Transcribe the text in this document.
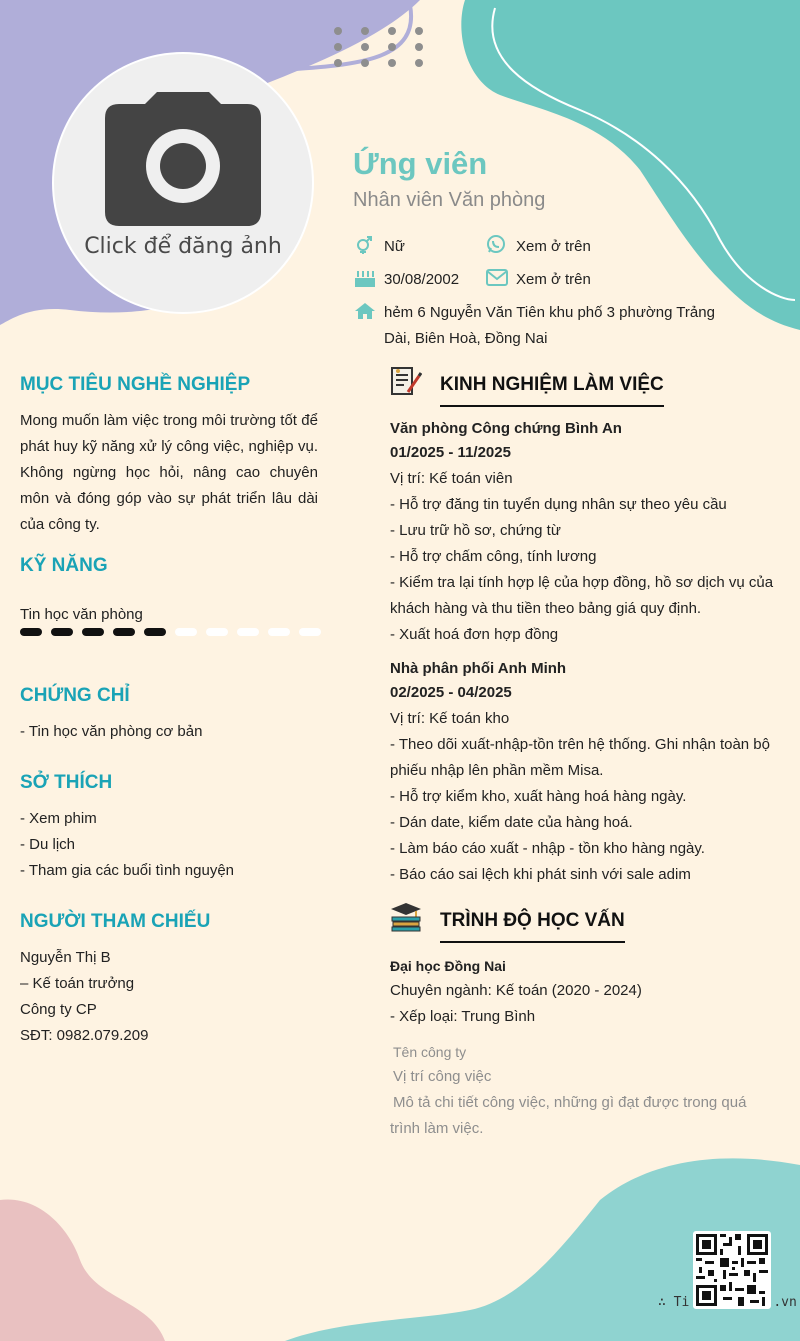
Click để đăng ảnh
Ứng viên
Nhân viên Văn phòng
Nữ	Xem ở trên
30/08/2002	Xem ở trên
hẻm 6 Nguyễn Văn Tiên khu phố 3 phường Trảng
Dài, Biên Hoà, Đồng Nai
MỤC TIÊU NGHỀ NGHIỆP
Mong muốn làm việc trong môi trường tốt để phát huy kỹ năng xử lý công việc, nghiệp vụ. Không ngừng học hỏi, nâng cao chuyên môn và đóng góp vào sự phát triển lâu dài của công ty.
KỸ NĂNG
Tin học văn phòng
CHỨNG CHỈ
- Tin học văn phòng cơ bản
SỞ THÍCH
- Xem phim
- Du lịch
- Tham gia các buổi tình nguyện
NGƯỜI THAM CHIẾU
Nguyễn Thị B
– Kế toán trưởng
Công ty CP
SĐT: 0982.079.209
KINH NGHIỆM LÀM VIỆC
Văn phòng Công chứng Bình An
01/2025 - 11/2025
Vị trí: Kế toán viên
- Hỗ trợ đăng tin tuyển dụng nhân sự theo yêu cầu
- Lưu trữ hồ sơ, chứng từ
- Hỗ trợ chấm công, tính lương
- Kiểm tra lại tính hợp lệ của hợp đồng, hồ sơ dịch vụ của
khách hàng và thu tiền theo bảng giá quy định.
- Xuất hoá đơn hợp đồng
Nhà phân phối Anh Minh
02/2025 - 04/2025
Vị trí: Kế toán kho
- Theo dõi xuất-nhập-tồn trên hệ thống. Ghi nhận toàn bộ
phiếu nhập lên phần mềm Misa.
- Hỗ trợ kiểm kho, xuất hàng hoá hàng ngày.
- Dán date, kiểm date của hàng hoá.
- Làm báo cáo xuất - nhập - tồn kho hàng ngày.
- Báo cáo sai lệch khi phát sinh với sale adim
TRÌNH ĐỘ HỌC VẤN
Đại học Đồng Nai
Chuyên ngành: Kế toán (2020 - 2024)
- Xếp loại: Trung Bình
Tên công ty
Vị trí công việc
Mô tả chi tiết công việc, những gì đạt được trong quá
trình làm việc.
∴ Ti	.vn
